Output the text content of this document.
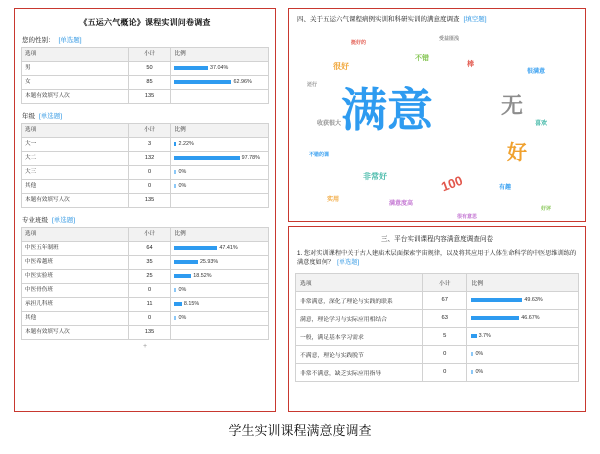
《五运六气概论》课程实训问卷调查
您的性别： [单选题]
选项	小计	比例
男	50	37.04%

女	85	62.96%

本题有效填写人次	135	
年级 [单选题]
选项	小计	比例
大一	3	2.22%

大二	132	97.78%

大三	0	0%

其他	0	0%

本题有效填写人次	135	
专业班级 [单选题]
选项	小计	比例
中医五年制班	64	47.41%

中医希越班	35	25.93%

中医实验班	25	18.52%

中医骨伤班	0	0%

承担儿科班	11	8.15%

其他	0	0%

本题有效填写人次	135	
+
四、关于五运六气课程病例实训和科研实训的满意度调查 [填空题]
满意	无
好
100
非常好
很好
不错
棒
收获很大
有趣
满意度高
喜欢
实用
很满意
受益匪浅
挺好的
好评
还行
很有意思
不错的课
三、平台实训课程内容满意度调查问卷
1. 您对实训课程中关于古人建庙术层面探索宇宙规律，以及将其应用于人体生命科学的中医思维训练的满意度如何？ [单选题]
选项	小计	比例
非常满意，深化了理论与实践的联系	67	49.63%

满意，理论学习与实际应用相结合	63	46.67%

一般，满足基本学习需求	5	3.7%

不满意，理论与实践脱节	0	0%

非常不满意，缺乏实际应用指导	0	0%
学生实训课程满意度调查
